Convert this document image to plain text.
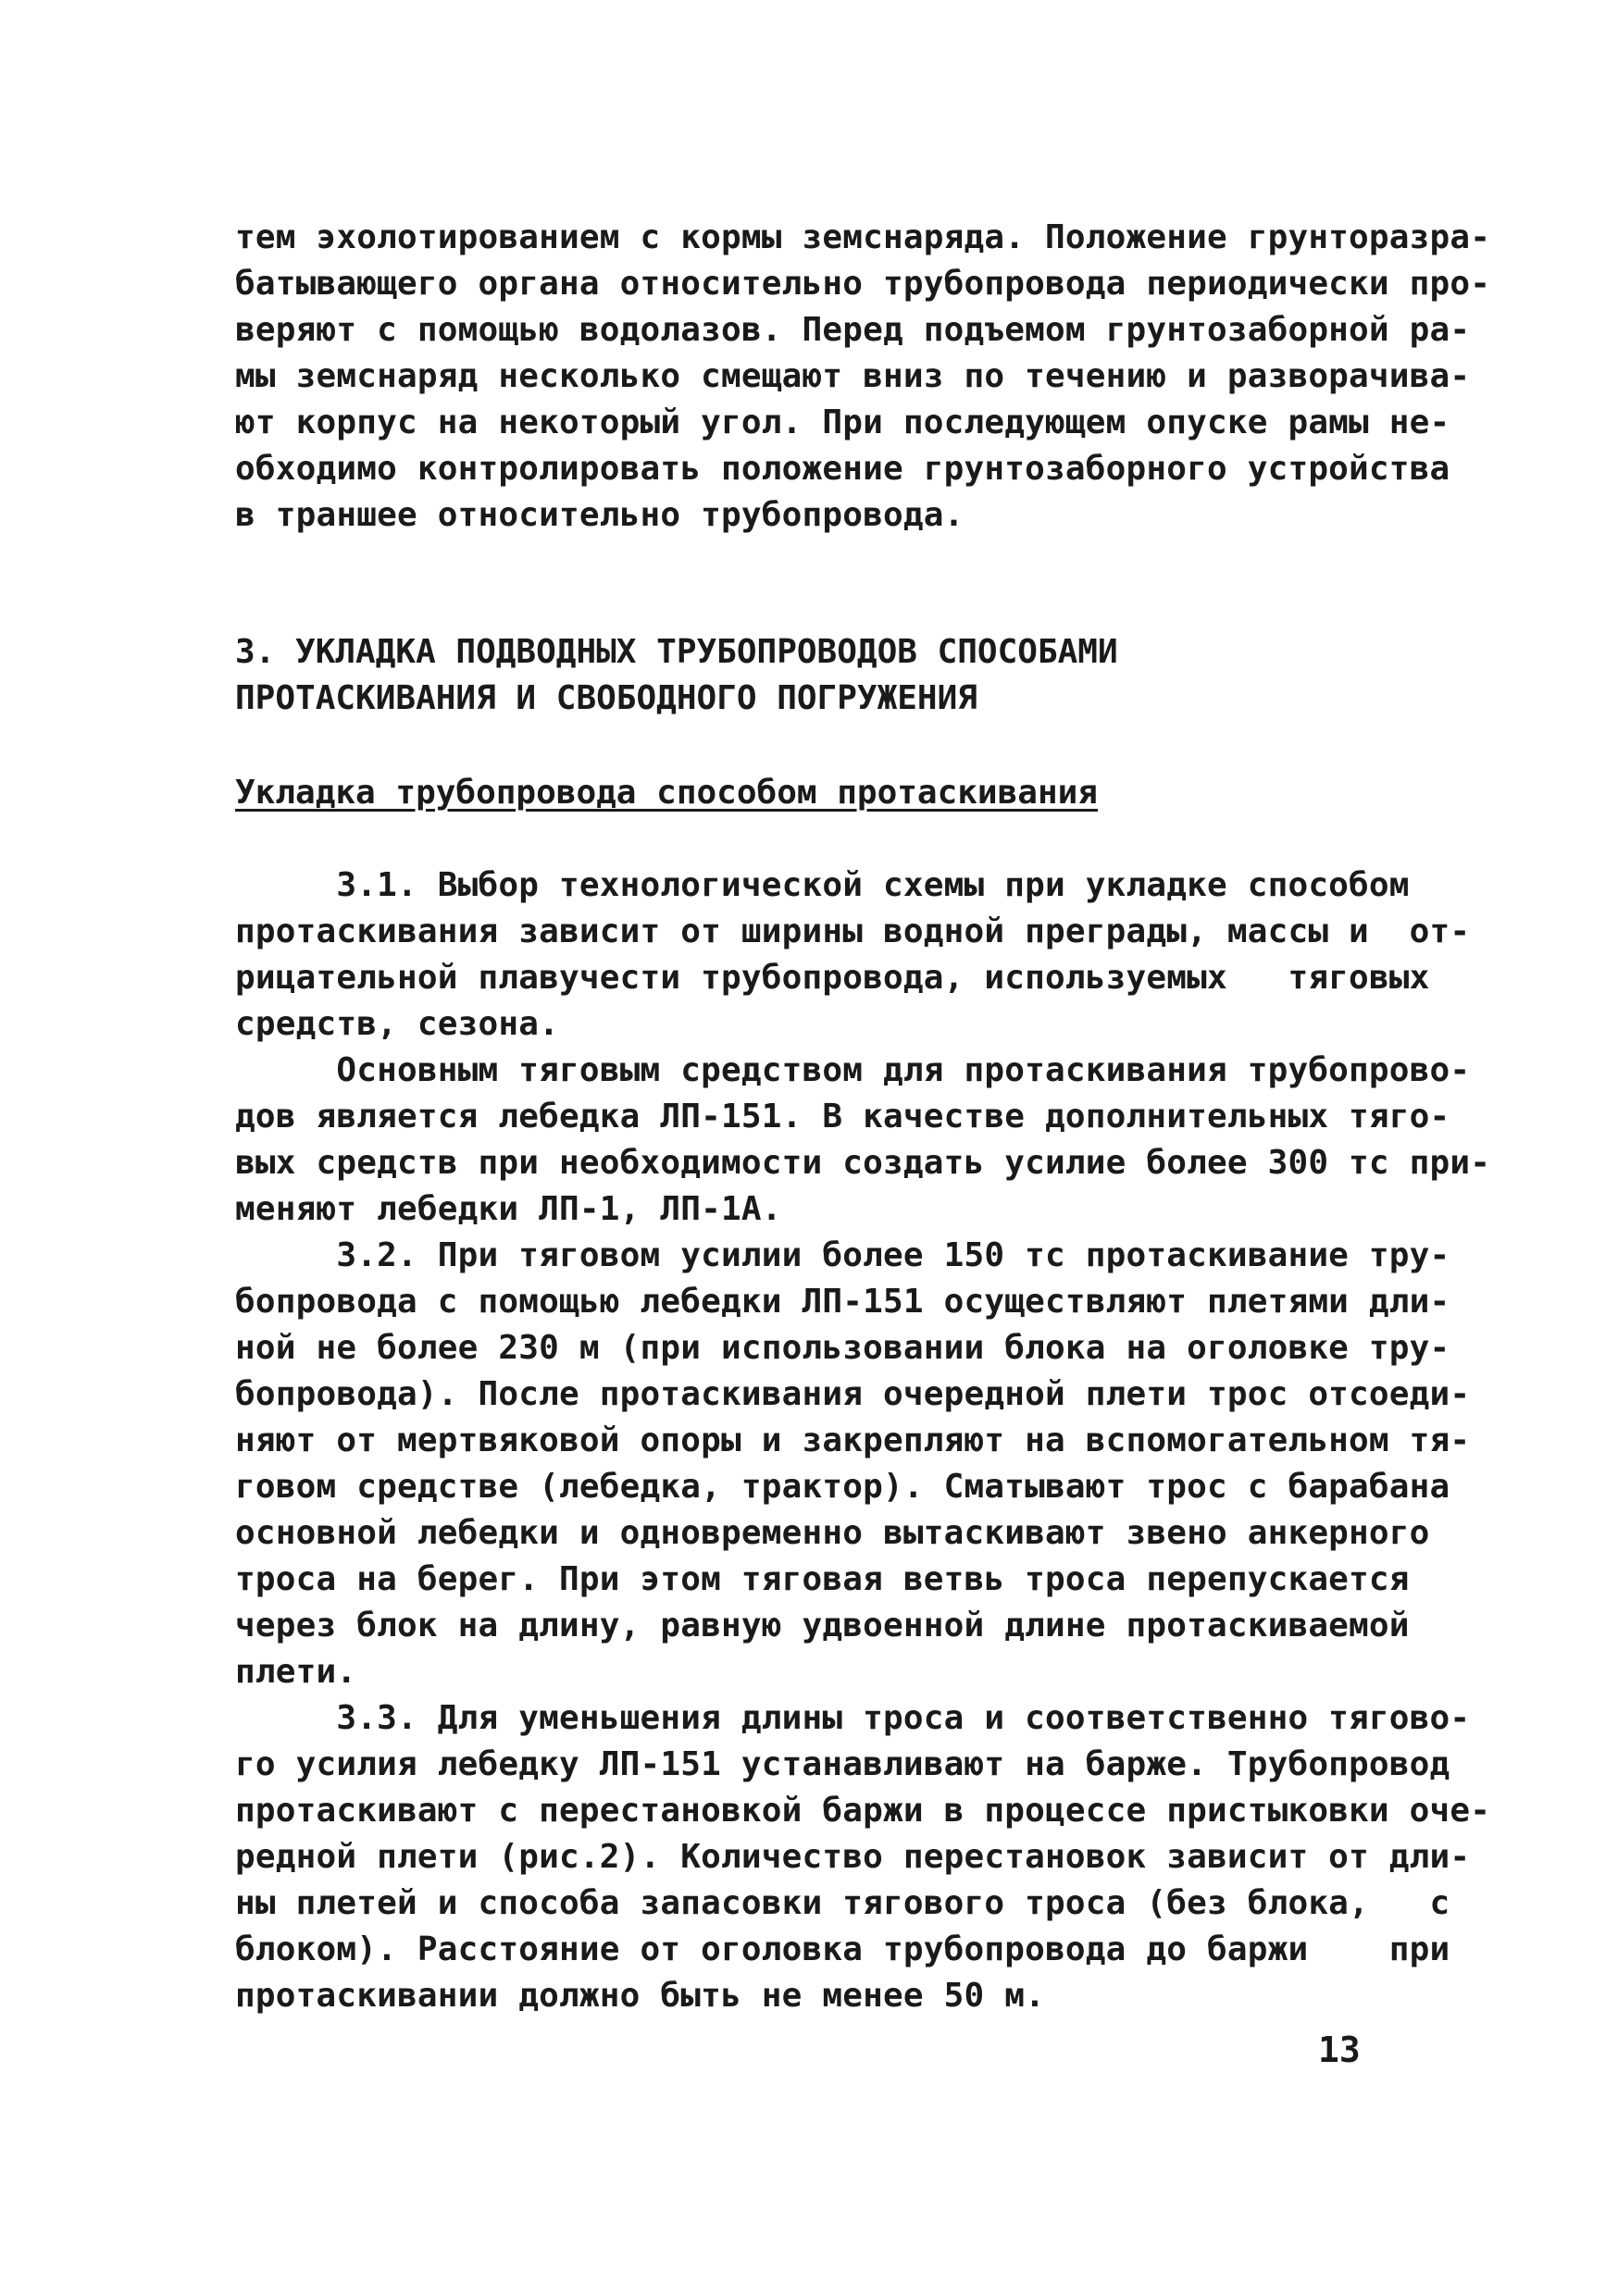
тем эхолотированием с кормы земснаряда. Положение грунторазра-
батывающего органа относительно трубопровода периодически про-
веряют с помощью водолазов. Перед подъемом грунтозаборной ра-
мы земснаряд несколько смещают вниз по течению и разворачива-
ют корпус на некоторый угол. При последующем опуске рамы не-
обходимо контролировать положение грунтозаборного устройства
в траншее относительно трубопровода.
3. УКЛАДКА ПОДВОДНЫХ ТРУБОПРОВОДОВ СПОСОБАМИ
ПРОТАСКИВАНИЯ И СВОБОДНОГО ПОГРУЖЕНИЯ
Укладка трубопровода способом протаскивания
3.1. Выбор технологической схемы при укладке способом
протаскивания зависит от ширины водной преграды, массы и  от-
рицательной плавучести трубопровода, используемых   тяговых
средств, сезона.
Основным тяговым средством для протаскивания трубопрово-
дов является лебедка ЛП-151. В качестве дополнительных тяго-
вых средств при необходимости создать усилие более 300 тс при-
меняют лебедки ЛП-1, ЛП-1А.
3.2. При тяговом усилии более 150 тс протаскивание тру-
бопровода с помощью лебедки ЛП-151 осуществляют плетями дли-
ной не более 230 м (при использовании блока на оголовке тру-
бопровода). После протаскивания очередной плети трос отсоеди-
няют от мертвяковой опоры и закрепляют на вспомогательном тя-
говом средстве (лебедка, трактор). Сматывают трос с барабана
основной лебедки и одновременно вытаскивают звено анкерного
троса на берег. При этом тяговая ветвь троса перепускается
через блок на длину, равную удвоенной длине протаскиваемой
плети.
3.3. Для уменьшения длины троса и соответственно тягово-
го усилия лебедку ЛП-151 устанавливают на барже. Трубопровод
протаскивают с перестановкой баржи в процессе пристыковки оче-
редной плети (рис.2). Количество перестановок зависит от дли-
ны плетей и способа запасовки тягового троса (без блока,   с
блоком). Расстояние от оголовка трубопровода до баржи    при
протаскивании должно быть не менее 50 м.
13
